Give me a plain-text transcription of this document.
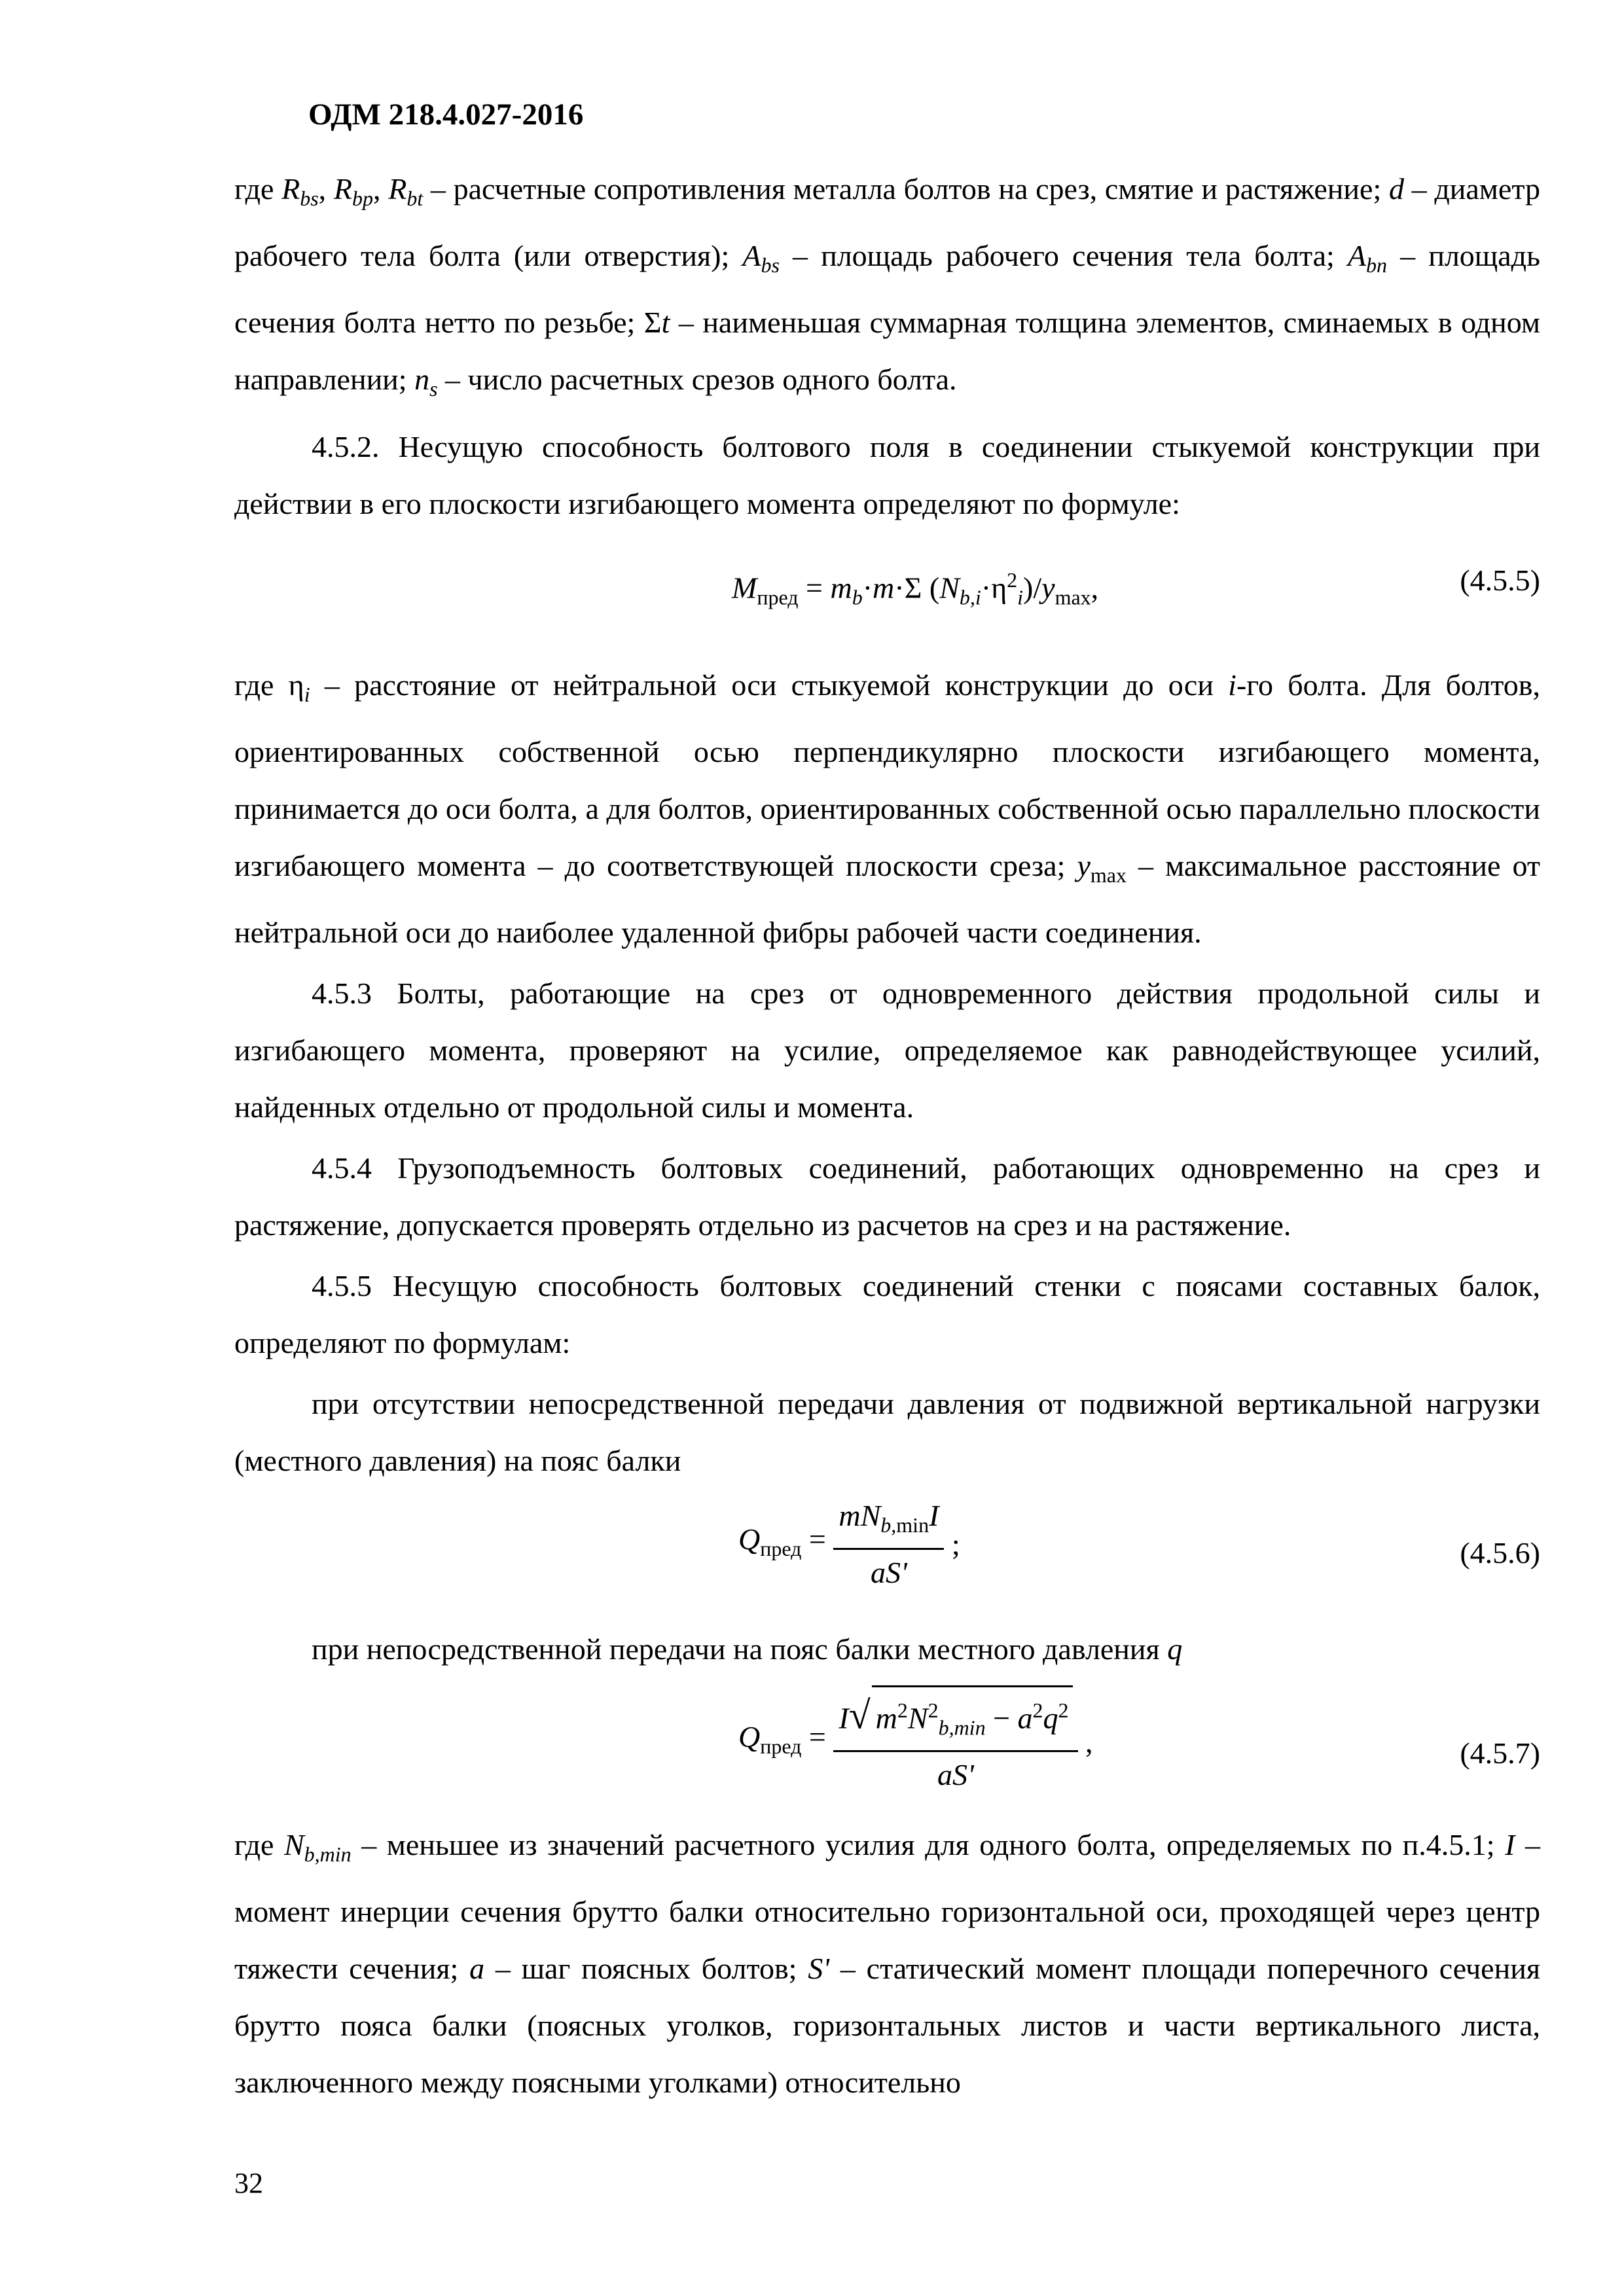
ОДМ 218.4.027-2016

где $R_{bs}$, $R_{bp}$, $R_{bt}$ – расчетные сопротивления металла болтов на срез, смятие и растяжение; d – диаметр рабочего тела болта (или отверстия); $A_{bs}$ – площадь рабочего сечения тела болта; $A_{bn}$ – площадь сечения болта нетто по резьбе; Σt – наименьшая суммарная толщина элементов, сминаемых в одном направлении; $n_s$ – число расчетных срезов одного болта.

4.5.2. Несущую способность болтового поля в соединении стыкуемой конструкции при действии в его плоскости изгибающего момента определяют по формуле:

$M_{пред} = m_b\cdot m\cdot\Sigma$ $(N_{b,i}\cdot\eta^2_i)/y_{max}$,	(4.5.5)

где $\eta_i$ – расстояние от нейтральной оси стыкуемой конструкции до оси i-го болта. Для болтов, ориентированных собственной осью перпендикулярно плоскости изгибающего момента, принимается до оси болта, а для болтов, ориентированных собственной осью параллельно плоскости изгибающего момента – до соответствующей плоскости среза; $y_{max}$ – максимальное расстояние от нейтральной оси до наиболее удаленной фибры рабочей части соединения.

4.5.3 Болты, работающие на срез от одновременного действия продольной силы и изгибающего момента, проверяют на усилие, определяемое как равнодействующее усилий, найденных отдельно от продольной силы и момента.

4.5.4 Грузоподъемность болтовых соединений, работающих одновременно на срез и растяжение, допускается проверять отдельно из расчетов на срез и на растяжение.

4.5.5 Несущую способность болтовых соединений стенки с поясами составных балок, определяют по формулам:

при отсутствии непосредственной передачи давления от подвижной вертикальной нагрузки (местного давления) на пояс балки

$Q_{пред} = \frac{mN_{b,min}I}{aS'}$ ;	(4.5.6)

при непосредственной передачи на пояс балки местного давления q

$Q_{пред} = \frac{I√ m^2N^2_{b,min} - a^2q^2}{aS'}$ ,	(4.5.7)

где $N_{b,min}$ – меньшее из значений расчетного усилия для одного болта, определяемых по п.4.5.1; I – момент инерции сечения брутто балки относительно горизонтальной оси, проходящей через центр тяжести сечения; a – шаг поясных болтов; S' – статический момент площади поперечного сечения брутто пояса балки (поясных уголков, горизонтальных листов и части вертикального листа, заключенного между поясными уголками) относительно

32
